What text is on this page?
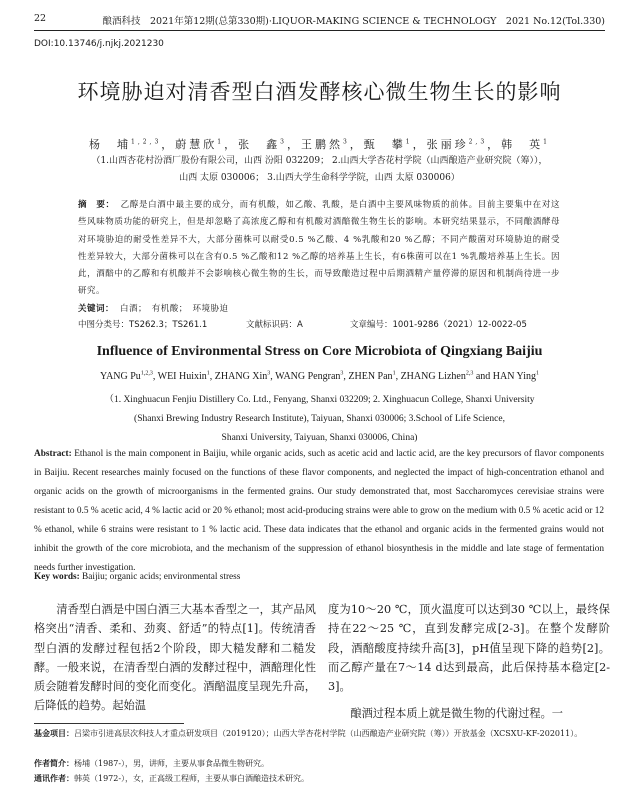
22	酿酒科技　2021年第12期(总第330期)·LIQUOR-MAKING SCIENCE & TECHNOLOGY　2021 No.12(Tol.330)
DOI:10.13746/j.njkj.2021230
环境胁迫对清香型白酒发酵核心微生物生长的影响
杨　埔$^{1,2,3}$，蔚慧欣$^1$，张　鑫$^3$，王鹏然$^3$，甄　攀$^1$，张丽珍$^{2,3}$，韩　英$^1$
（1.山西杏花村汾酒厂股份有限公司，山西 汾阳 032209； 2.山西大学杏花村学院（山西酿造产业研究院（筹）），
山西 太原 030006； 3.山西大学生命科学学院，山西 太原 030006）
摘　要： 乙醇是白酒中最主要的成分，而有机酸，如乙酸、乳酸，是白酒中主要风味物质的前体。目前主要集中在对这些风味物质功能的研究上，但是却忽略了高浓度乙醇和有机酸对酒醅微生物生长的影响。本研究结果显示，不同酿酒酵母对环境胁迫的耐受性差异不大，大部分菌株可以耐受0.5 %乙酸、4 %乳酸和20 %乙醇；不同产酸菌对环境胁迫的耐受性差异较大，大部分菌株可以在含有0.5 %乙酸和12 %乙醇的培养基上生长，有6株菌可以在1 %乳酸培养基上生长。因此，酒醅中的乙醇和有机酸并不会影响核心微生物的生长，而导致酿造过程中后期酒精产量停滞的原因和机制尚待进一步研究。
关键词： 白酒；　有机酸；　环境胁迫
中图分类号：TS262.3；TS261.1	文献标识码：A	文章编号：1001-9286（2021）12-0022-05
Influence of Environmental Stress on Core Microbiota of Qingxiang Baijiu
YANG Pu$^{1,2,3}$, WEI Huixin$^1$, ZHANG Xin$^3$, WANG Pengran$^3$, ZHEN Pan$^1$, ZHANG Lizhen$^{2,3}$ and HAN Ying$^1$
（1. Xinghuacun Fenjiu Distillery Co. Ltd., Fenyang, Shanxi 032209; 2. Xinghuacun College, Shanxi University
(Shanxi Brewing Industry Research Institute), Taiyuan, Shanxi 030006; 3.School of Life Science,
Shanxi University, Taiyuan, Shanxi 030006, China)
Abstract: Ethanol is the main component in Baijiu, while organic acids, such as acetic acid and lactic acid, are the key precursors of flavor components in Baijiu. Recent researches mainly focused on the functions of these flavor components, and neglected the impact of high-concentration ethanol and organic acids on the growth of microorganisms in the fermented grains. Our study demonstrated that, most Saccharomyces cerevisiae strains were resistant to 0.5 % acetic acid, 4 % lactic acid or 20 % ethanol; most acid-producing strains were able to grow on the medium with 0.5 % acetic acid or 12 % ethanol, while 6 strains were resistant to 1 % lactic acid. These data indicates that the ethanol and organic acids in the fermented grains would not inhibit the growth of the core microbiota, and the mechanism of the suppression of ethanol biosynthesis in the middle and late stage of fermentation needs further investigation.
Key words: Baijiu; organic acids; environmental stress

清香型白酒是中国白酒三大基本香型之一，其产品风格突出“清香、柔和、劲爽、舒适”的特点[1]。传统清香型白酒的发酵过程包括2个阶段，即大糙发酵和二糙发酵。一般来说，在清香型白酒的发酵过程中，酒醅理化性质会随着发酵时间的变化而变化。酒醅温度呈现先升高，后降低的趋势。起始温

度为10～20 ℃，顶火温度可以达到30 ℃以上，最终保持在22～25 ℃，直到发酵完成[2-3]。在整个发酵阶段，酒醅酸度持续升高[3]，pH值呈现下降的趋势[2]。而乙醇产量在7～14 d达到最高，此后保持基本稳定[2-3]。

酿酒过程本质上就是微生物的代谢过程。一

基金项目：吕梁市引进高层次科技人才重点研发项目（2019120）；山西大学杏花村学院（山西酿造产业研究院（筹））开放基金（XCSXU-KF-202011）。
作者简介：杨埔（1987-），男，讲师，主要从事食品微生物研究。
通讯作者：韩英（1972-），女，正高级工程师，主要从事白酒酿造技术研究。
